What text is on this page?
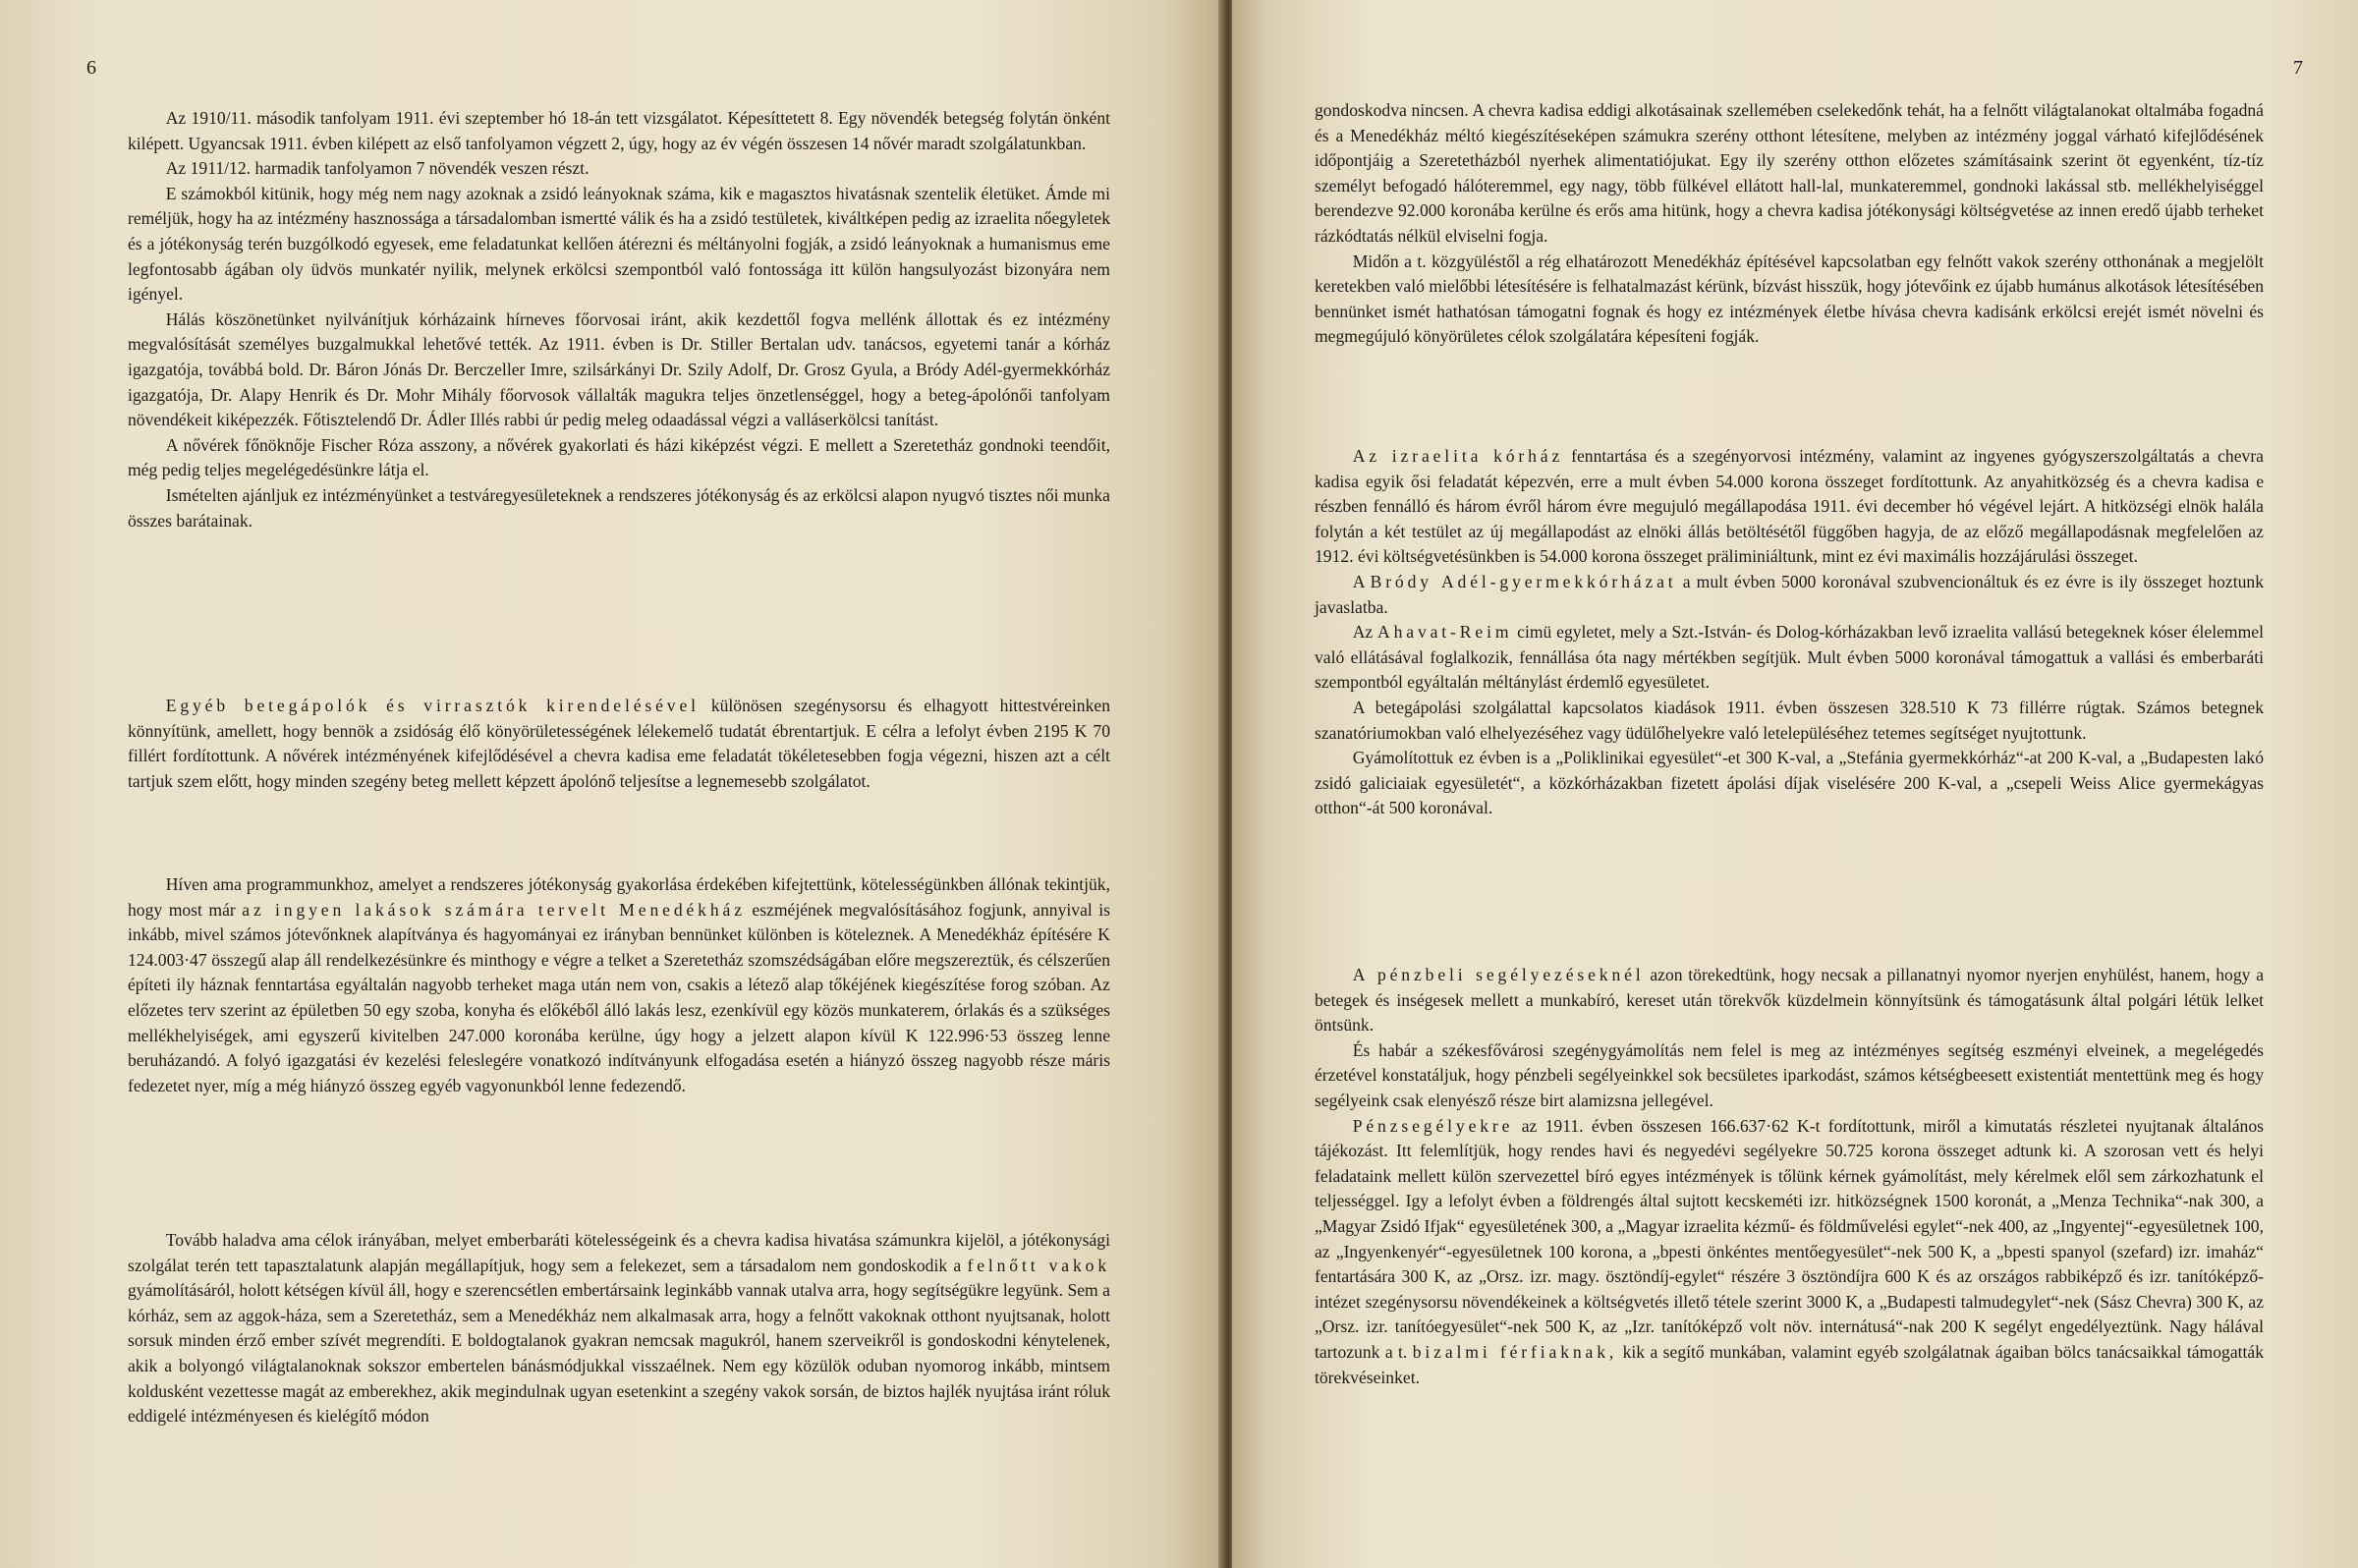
6

Az 1910/11. második tanfolyam 1911. évi szeptember hó 18-án tett vizsgálatot. Képesíttetett 8. Egy növendék betegség folytán önként kilépett. Ugyancsak 1911. évben kilépett az első tanfolyamon végzett 2, úgy, hogy az év végén összesen 14 nővér maradt szolgálatunkban.

Az 1911/12. harmadik tanfolyamon 7 növendék veszen részt.

E számokból kitünik, hogy még nem nagy azoknak a zsidó leányoknak száma, kik e magasztos hivatásnak szentelik életüket. Ámde mi reméljük, hogy ha az intézmény hasznossága a társadalomban ismertté válik és ha a zsidó testületek, kiváltképen pedig az izraelita nőegyletek és a jótékonyság terén buzgólkodó egyesek, eme feladatunkat kellően átérezni és méltányolni fogják, a zsidó leányoknak a humanismus eme legfontosabb ágában oly üdvös munkatér nyilik, melynek erkölcsi szempontból való fontossága itt külön hangsulyozást bizonyára nem igényel.

Hálás köszönetünket nyilvánítjuk kórházaink hírneves főorvosai iránt, akik kezdettől fogva mellénk állottak és ez intézmény megvalósítását személyes buzgalmukkal lehetővé tették. Az 1911. évben is Dr. Stiller Bertalan udv. tanácsos, egyetemi tanár a kórház igazgatója, továbbá bold. Dr. Báron Jónás Dr. Berczeller Imre, szilsárkányi Dr. Szily Adolf, Dr. Grosz Gyula, a Bródy Adél-gyermekkórház igazgatója, Dr. Alapy Henrik és Dr. Mohr Mihály főorvosok vállalták magukra teljes önzetlenséggel, hogy a beteg-ápolónői tanfolyam növendékeit kiképezzék. Főtisztelendő Dr. Ádler Illés rabbi úr pedig meleg odaadással végzi a valláserkölcsi tanítást.

A nővérek főnöknője Fischer Róza asszony, a nővérek gyakorlati és házi kiképzést végzi. E mellett a Szeretetház gondnoki teendőit, még pedig teljes megelégedésünkre látja el.

Ismételten ajánljuk ez intézményünket a testváregyesületeknek a rendszeres jótékonyság és az erkölcsi alapon nyugvó tisztes női munka összes barátainak.

Egyéb betegápolók és virrasztók kirendelésével különösen szegénysorsu és elhagyott hittestvéreinken könnyítünk, amellett, hogy bennök a zsidóság élő könyörületességének lélekemelő tudatát ébrentartjuk. E célra a lefolyt évben 2195 K 70 fillért fordítottunk. A nővérek intézményének kifejlődésével a chevra kadisa eme feladatát tökéletesebben fogja végezni, hiszen azt a célt tartjuk szem előtt, hogy minden szegény beteg mellett képzett ápolónő teljesítse a legnemesebb szolgálatot.

Híven ama programmunkhoz, amelyet a rendszeres jótékonyság gyakorlása érdekében kifejtettünk, kötelességünkben állónak tekintjük, hogy most már az ingyen lakások számára tervelt Menedékház eszméjének megvalósításához fogjunk, annyival is inkább, mivel számos jótevőnknek alapítványa és hagyományai ez irányban bennünket különben is köteleznek. A Menedékház építésére K 124.003·47 összegű alap áll rendelkezésünkre és minthogy e végre a telket a Szeretetház szomszédságában előre megszereztük, és célszerűen építeti ily háznak fenntartása egyáltalán nagyobb terheket maga után nem von, csakis a létező alap tőkéjének kiegészítése forog szóban. Az előzetes terv szerint az épületben 50 egy szoba, konyha és előkéből álló lakás lesz, ezenkívül egy közös munkaterem, órlakás és a szükséges mellékhelyiségek, ami egyszerű kivitelben 247.000 koronába kerülne, úgy hogy a jelzett alapon kívül K 122.996·53 összeg lenne beruházandó. A folyó igazgatási év kezelési feleslegére vonatkozó indítványunk elfogadása esetén a hiányzó összeg nagyobb része máris fedezetet nyer, míg a még hiányzó összeg egyéb vagyonunkból lenne fedezendő.

Tovább haladva ama célok irányában, melyet emberbaráti kötelességeink és a chevra kadisa hivatása számunkra kijelöl, a jótékonysági szolgálat terén tett tapasztalatunk alapján megállapítjuk, hogy sem a felekezet, sem a társadalom nem gondoskodik a felnőtt vakok gyámolításáról, holott kétségen kívül áll, hogy e szerencsétlen embertársaink leginkább vannak utalva arra, hogy segítségükre legyünk. Sem a kórház, sem az aggok-háza, sem a Szeretetház, sem a Menedékház nem alkalmasak arra, hogy a felnőtt vakoknak otthont nyujtsanak, holott sorsuk minden érző ember szívét megrendíti. E boldogtalanok gyakran nemcsak magukról, hanem szerveikről is gondoskodni kénytelenek, akik a bolyongó világtalanoknak sokszor embertelen bánásmódjukkal visszaélnek. Nem egy közülök oduban nyomorog inkább, mintsem koldusként vezettesse magát az emberekhez, akik megindulnak ugyan esetenkint a szegény vakok sorsán, de biztos hajlék nyujtása iránt róluk eddigelé intézményesen és kielégítő módon

7

gondoskodva nincsen. A chevra kadisa eddigi alkotásainak szellemében cselekedőnk tehát, ha a felnőtt világtalanokat oltalmába fogadná és a Menedékház méltó kiegészítéseképen számukra szerény otthont létesítene, melyben az intézmény joggal várható kifejlődésének időpontjáig a Szeretetházból nyerhek alimentatiójukat. Egy ily szerény otthon előzetes számításaink szerint öt egyenként, tíz-tíz személyt befogadó hálóteremmel, egy nagy, több fülkével ellátott hall-lal, munkateremmel, gondnoki lakással stb. mellékhelyiséggel berendezve 92.000 koronába kerülne és erős ama hitünk, hogy a chevra kadisa jótékonysági költségvetése az innen eredő újabb terheket rázkódtatás nélkül elviselni fogja.

Midőn a t. közgyüléstől a rég elhatározott Menedékház építésével kapcsolatban egy felnőtt vakok szerény otthonának a megjelölt keretekben való mielőbbi létesítésére is felhatalmazást kérünk, bízvást hisszük, hogy jótevőink ez újabb humánus alkotások létesítésében bennünket ismét hathatósan támogatni fognak és hogy ez intézmények életbe hívása chevra kadisánk erkölcsi erejét ismét növelni és megmegújuló könyörületes célok szolgálatára képesíteni fogják.

Az izraelita kórház fenntartása és a szegényorvosi intézmény, valamint az ingyenes gyógyszerszolgáltatás a chevra kadisa egyik ősi feladatát képezvén, erre a mult évben 54.000 korona összeget fordítottunk. Az anyahitközség és a chevra kadisa e részben fennálló és három évről három évre megujuló megállapodása 1911. évi december hó végével lejárt. A hitközségi elnök halála folytán a két testület az új megállapodást az elnöki állás betöltésétől függőben hagyja, de az előző megállapodásnak megfelelően az 1912. évi költségvetésünkben is 54.000 korona összeget präliminiáltunk, mint ez évi maximális hozzájárulási összeget.

A Bródy Adél-gyermekkórházat a mult évben 5000 koronával szubvencionáltuk és ez évre is ily összeget hoztunk javaslatba.

Az Ahavat-Reim cimü egyletet, mely a Szt.-István- és Dolog-kórházakban levő izraelita vallású betegeknek kóser élelemmel való ellátásával foglalkozik, fennállása óta nagy mértékben segítjük. Mult évben 5000 koronával támogattuk a vallási és emberbaráti szempontból egyáltalán méltánylást érdemlő egyesületet.

A betegápolási szolgálattal kapcsolatos kiadások 1911. évben összesen 328.510 K 73 fillérre rúgtak. Számos betegnek szanatóriumokban való elhelyezéséhez vagy üdülőhelyekre való letelepüléséhez tetemes segítséget nyujtottunk.

Gyámolítottuk ez évben is a „Poliklinikai egyesület“-et 300 K-val, a „Stefánia gyermekkórház“-at 200 K-val, a „Budapesten lakó zsidó galiciaiak egyesületét“, a közkórházakban fizetett ápolási díjak viselésére 200 K-val, a „csepeli Weiss Alice gyermekágyas otthon“-át 500 koronával.

A pénzbeli segélyezéseknél azon törekedtünk, hogy necsak a pillanatnyi nyomor nyerjen enyhülést, hanem, hogy a betegek és inségesek mellett a munkabíró, kereset után törekvők küzdelmein könnyítsünk és támogatásunk által polgári létük lelket öntsünk.

És habár a székesfővárosi szegénygyámolítás nem felel is meg az intézményes segítség eszményi elveinek, a megelégedés érzetével konstatáljuk, hogy pénzbeli segélyeinkkel sok becsületes iparkodást, számos kétségbeesett existentiát mentettünk meg és hogy segélyeink csak elenyésző része birt alamizsna jellegével.

Pénzsegélyekre az 1911. évben összesen 166.637·62 K-t fordítottunk, miről a kimutatás részletei nyujtanak általános tájékozást. Itt felemlítjük, hogy rendes havi és negyedévi segélyekre 50.725 korona összeget adtunk ki. A szorosan vett és helyi feladataink mellett külön szervezettel bíró egyes intézmények is tőlünk kérnek gyámolítást, mely kérelmek elől sem zárkozhatunk el teljességgel. Igy a lefolyt évben a földrengés által sujtott kecskeméti izr. hitközségnek 1500 koronát, a „Menza Technika“-nak 300, a „Magyar Zsidó Ifjak“ egyesületének 300, a „Magyar izraelita kézmű- és földművelési egylet“-nek 400, az „Ingyentej“-egyesületnek 100, az „Ingyenkenyér“-egyesületnek 100 korona, a „bpesti önkéntes mentőegyesület“-nek 500 K, a „bpesti spanyol (szefard) izr. imaház“ fentartására 300 K, az „Orsz. izr. magy. ösztöndíj-egylet“ részére 3 ösztöndíjra 600 K és az országos rabbiképző és izr. tanítóképző-intézet szegénysorsu növendékeinek a költségvetés illető tétele szerint 3000 K, a „Budapesti talmudegylet“-nek (Sász Chevra) 300 K, az „Orsz. izr. tanítóegyesület“-nek 500 K, az „Izr. tanítóképző volt növ. internátusá“-nak 200 K segélyt engedélyeztünk. Nagy hálával tartozunk a t. bizalmi férfiaknak, kik a segítő munkában, valamint egyéb szolgálatnak ágaiban bölcs tanácsaikkal támogatták törekvéseinket.
